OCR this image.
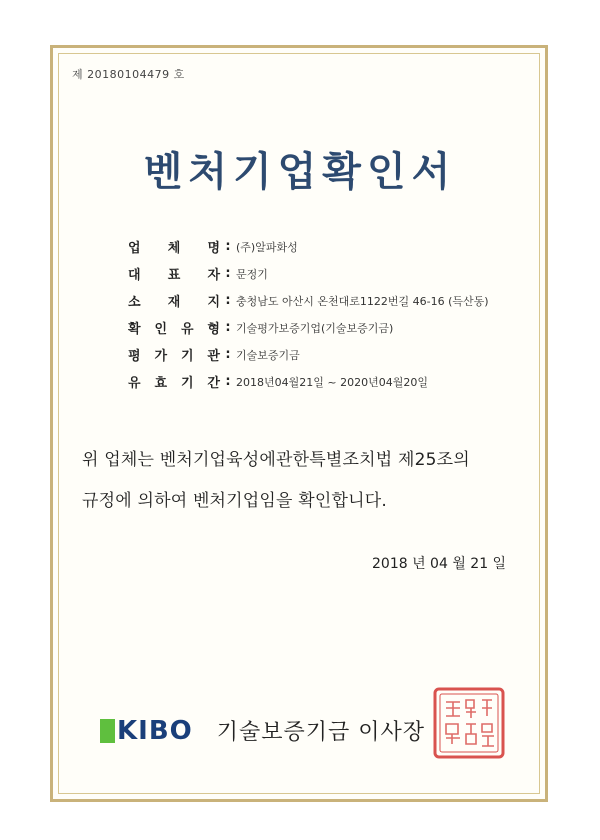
제 20180104479 호
벤처기업확인서
업 체 명 : (주)알파화성
대 표 자 : 문정기
소 재 지 : 충청남도 아산시 온천대로1122번길 46-16 (득산동)
확 인 유 형 : 기술평가보증기업(기술보증기금)
평 가 기 관 : 기술보증기금
유 효 기 간 : 2018년04월21일 ~ 2020년04월20일
위 업체는 벤처기업육성에관한특별조치법 제25조의
규정에 의하여 벤처기업임을 확인합니다.
2018 년 04 월 21 일
KIBO 기술보증기금 이사장
